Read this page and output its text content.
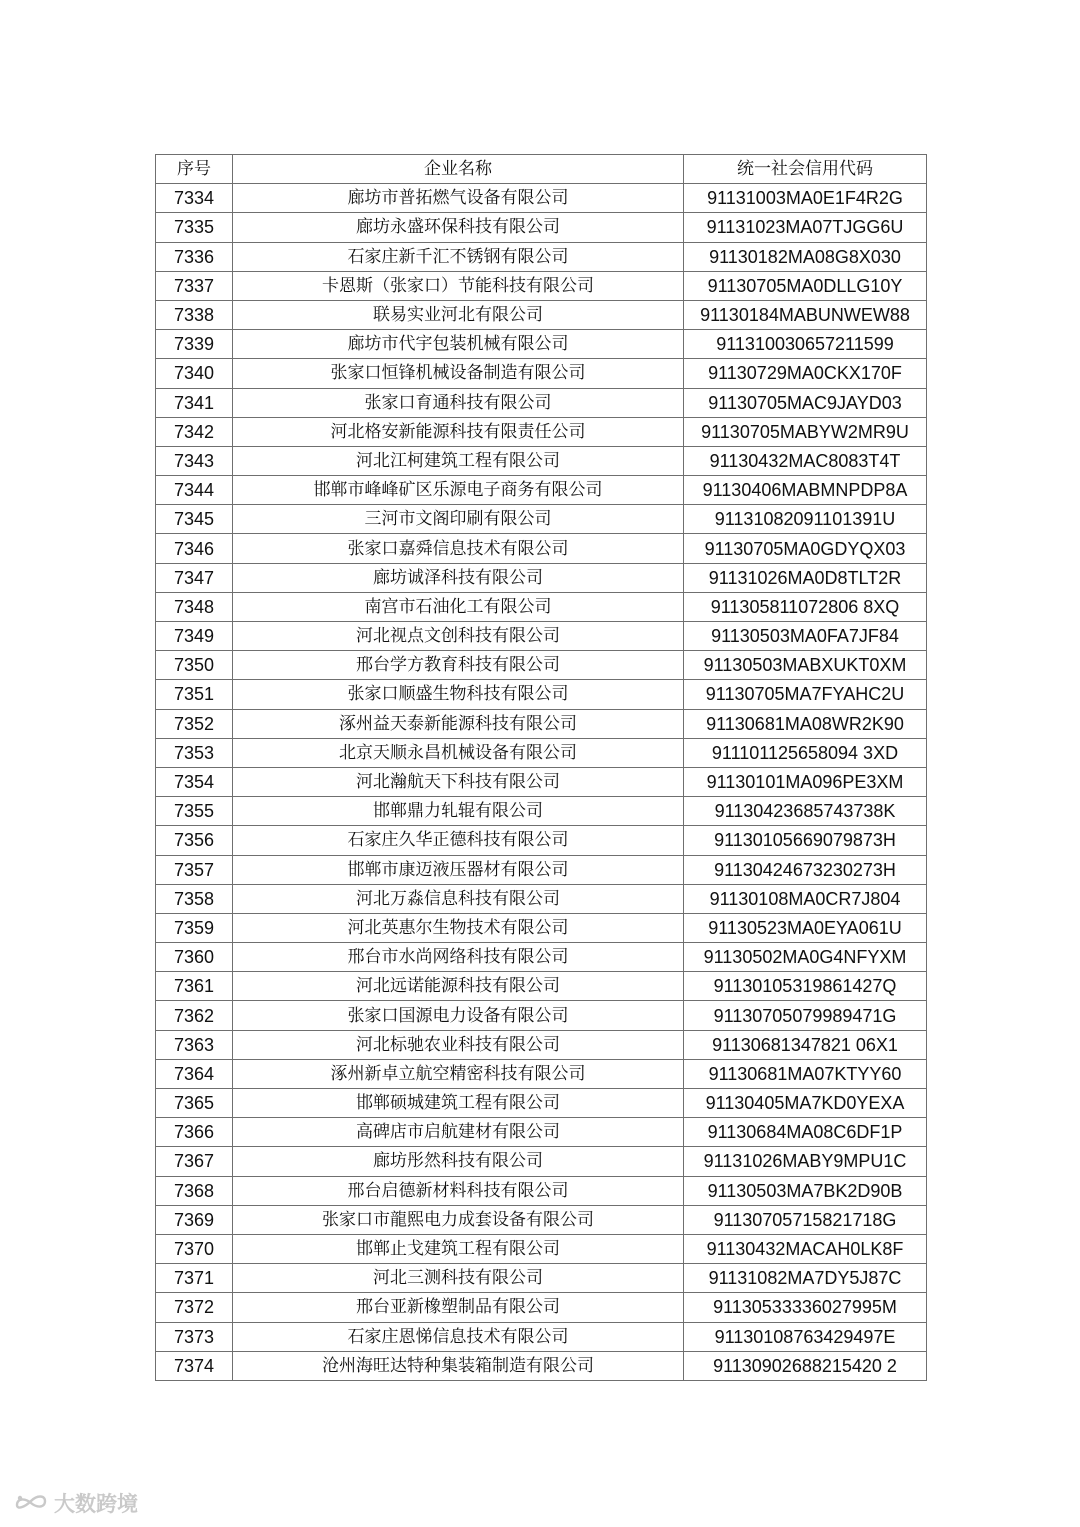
序号	企业名称	统一社会信用代码
7334	廊坊市普拓燃气设备有限公司	91131003MA0E1F4R2G
7335	廊坊永盛环保科技有限公司	91131023MA07TJGG6U
7336	石家庄新千汇不锈钢有限公司	91130182MA08G8X030
7337	卡恩斯（张家口）节能科技有限公司	91130705MA0DLLG10Y
7338	联易实业河北有限公司	91130184MABUNWEW88
7339	廊坊市代宇包装机械有限公司	911310030657211599
7340	张家口恒锋机械设备制造有限公司	91130729MA0CKX170F
7341	张家口育通科技有限公司	91130705MAC9JAYD03
7342	河北格安新能源科技有限责任公司	91130705MABYW2MR9U
7343	河北江柯建筑工程有限公司	91130432MAC8083T4T
7344	邯郸市峰峰矿区乐源电子商务有限公司	91130406MABMNPDP8A
7345	三河市文阁印刷有限公司	91131082091101391U
7346	张家口嘉舜信息技术有限公司	91130705MA0GDYQX03
7347	廊坊诚泽科技有限公司	91131026MA0D8TLT2R
7348	南宫市石油化工有限公司	911305811072806 8XQ
7349	河北视点文创科技有限公司	91130503MA0FA7JF84
7350	邢台学方教育科技有限公司	91130503MABXUKT0XM
7351	张家口顺盛生物科技有限公司	91130705MA7FYAHC2U
7352	涿州益天泰新能源科技有限公司	91130681MA08WR2K90
7353	北京天顺永昌机械设备有限公司	911101125658094 3XD
7354	河北瀚航天下科技有限公司	91130101MA096PE3XM
7355	邯郸鼎力轧辊有限公司	91130423685743738K
7356	石家庄久华正德科技有限公司	91130105669079873H
7357	邯郸市康迈液压器材有限公司	91130424673230273H
7358	河北万淼信息科技有限公司	91130108MA0CR7J804
7359	河北英惠尔生物技术有限公司	91130523MA0EYA061U
7360	邢台市水尚网络科技有限公司	91130502MA0G4NFYXM
7361	河北远诺能源科技有限公司	91130105319861427Q
7362	张家口国源电力设备有限公司	91130705079989471G
7363	河北标驰农业科技有限公司	91130681347821 06X1
7364	涿州新卓立航空精密科技有限公司	91130681MA07KTYY60
7365	邯郸硕城建筑工程有限公司	91130405MA7KD0YEXA
7366	高碑店市启航建材有限公司	91130684MA08C6DF1P
7367	廊坊彤然科技有限公司	91131026MABY9MPU1C
7368	邢台启德新材料科技有限公司	91130503MA7BK2D90B
7369	张家口市龍熙电力成套设备有限公司	91130705715821718G
7370	邯郸止戈建筑工程有限公司	91130432MACAH0LK8F
7371	河北三测科技有限公司	91131082MA7DY5J87C
7372	邢台亚新橡塑制品有限公司	91130533336027995M
7373	石家庄恩悌信息技术有限公司	91130108763429497E
7374	沧州海旺达特种集装箱制造有限公司	91130902688215420 2
大数跨境
